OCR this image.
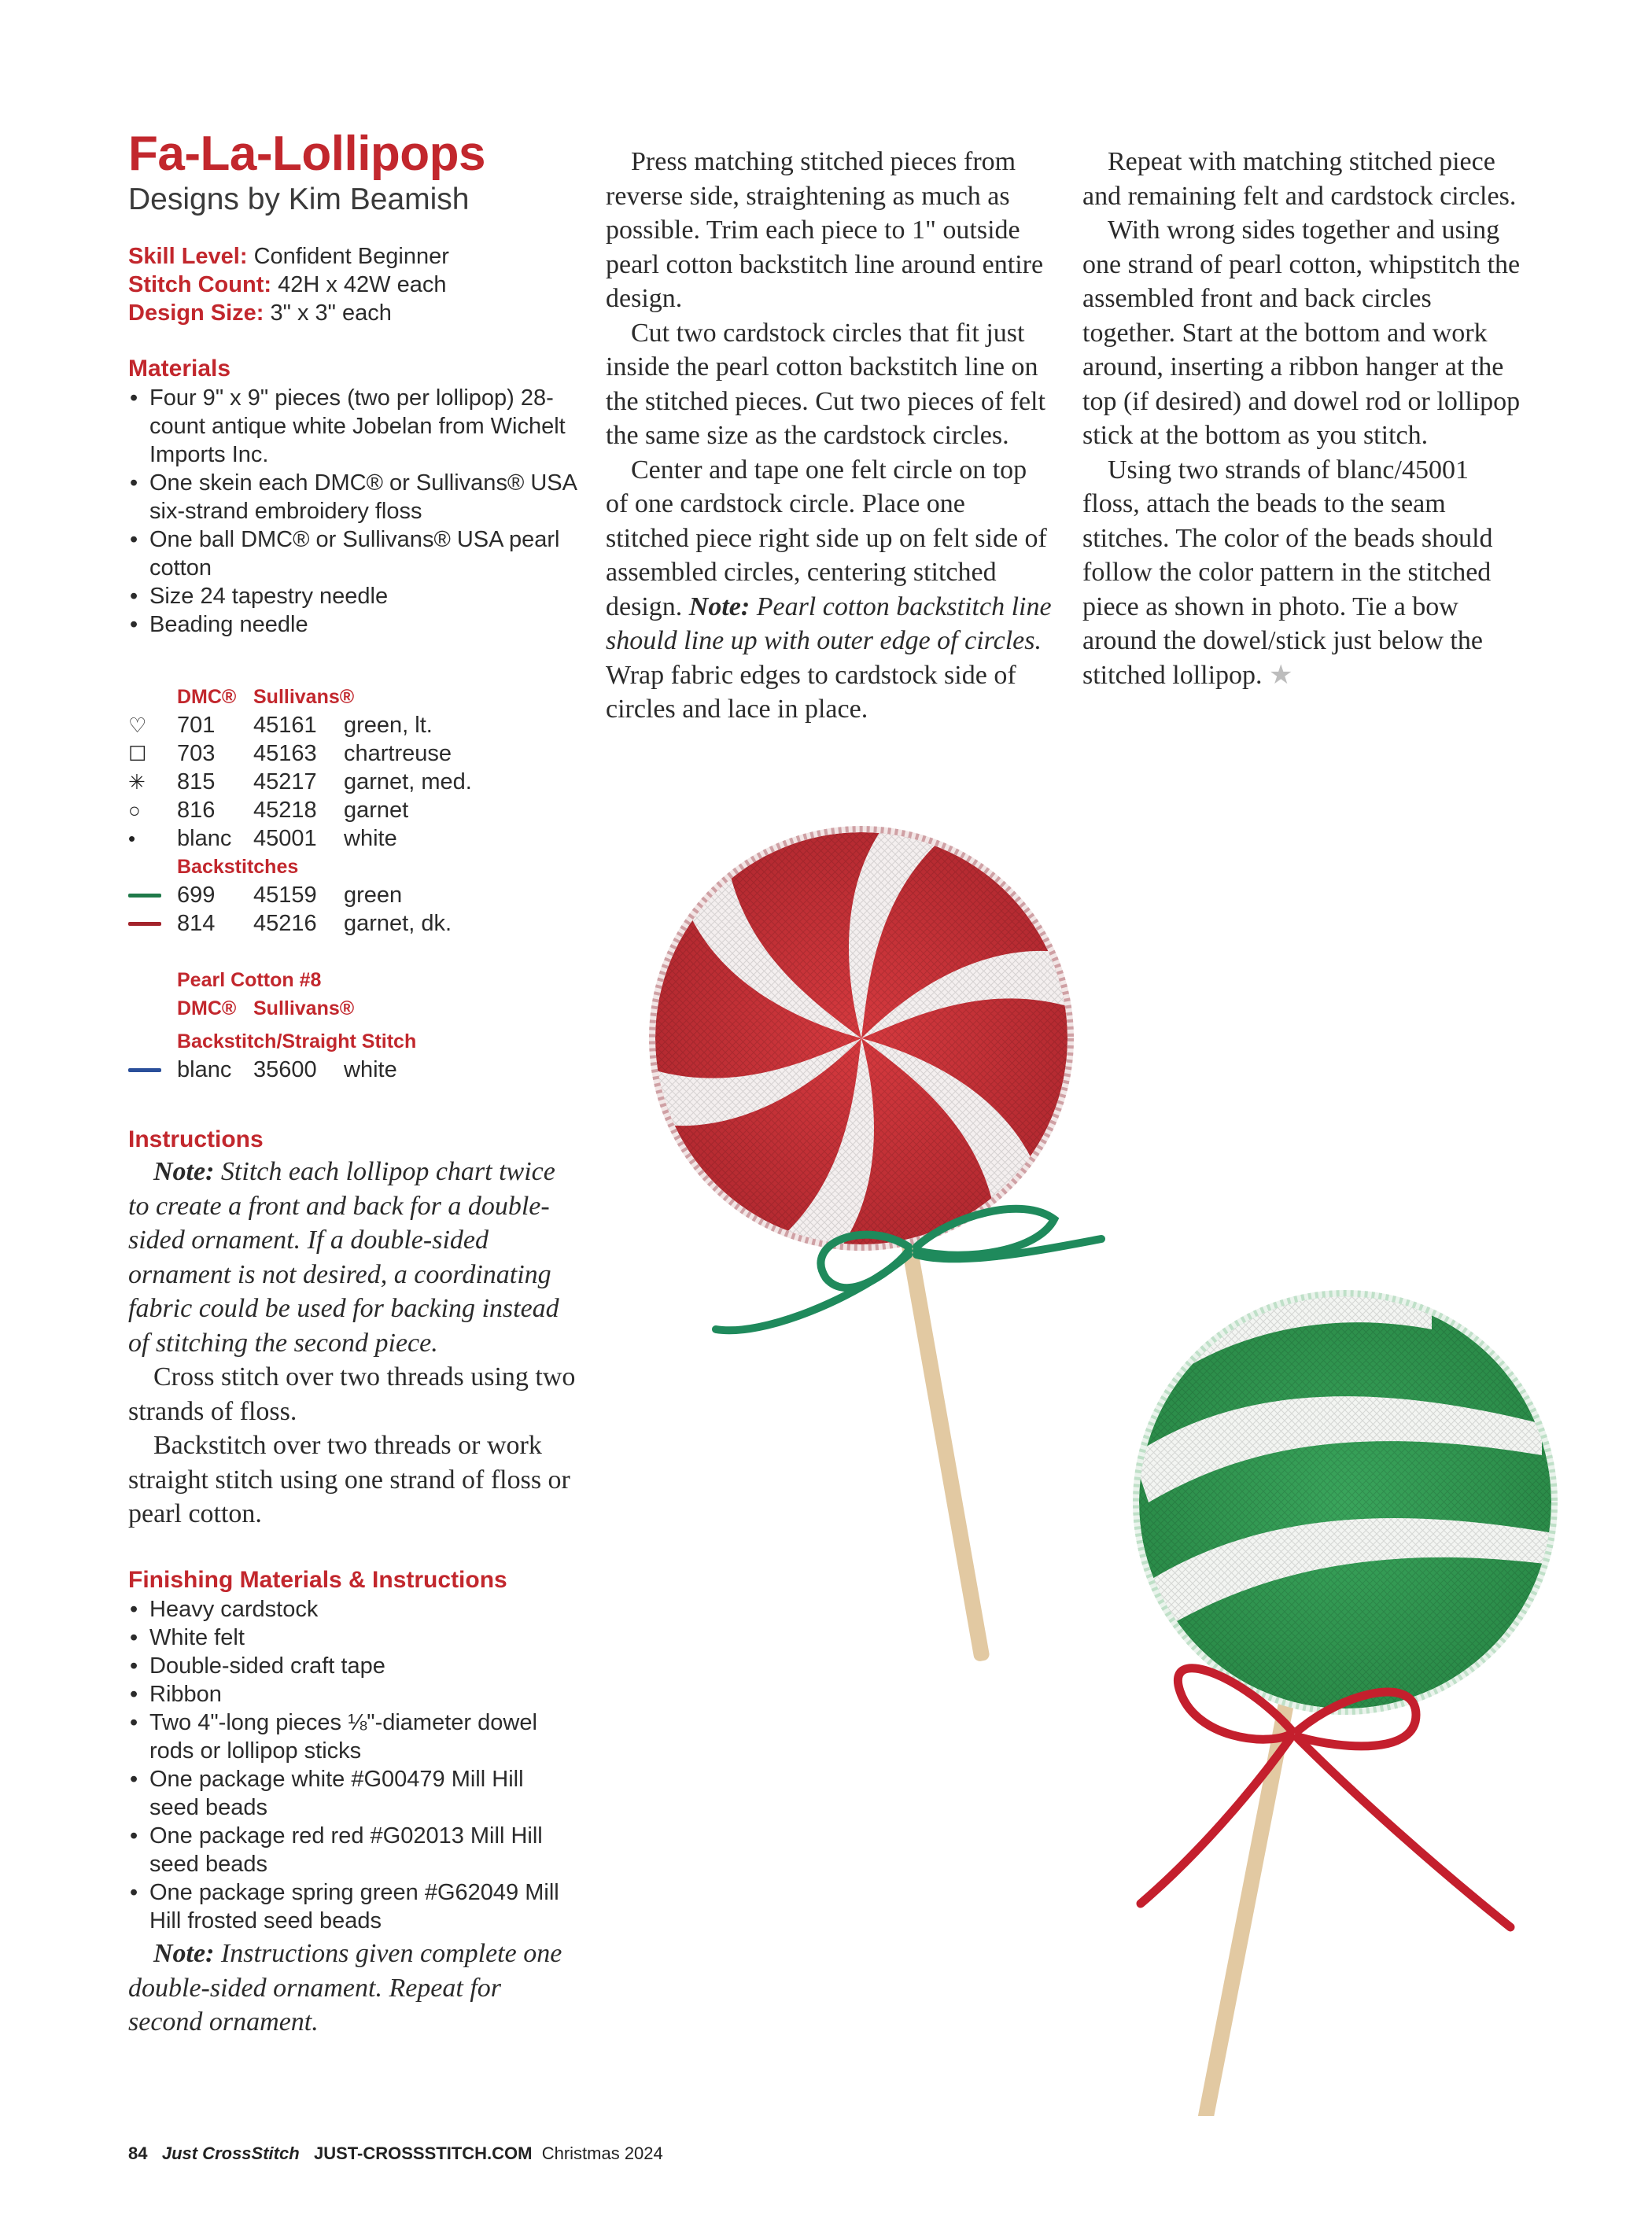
Fa-La-Lollipops
Designs by Kim Beamish
Skill Level: Confident Beginner
Stitch Count: 42H x 42W each
Design Size: 3" x 3" each
Materials
• Four 9" x 9" pieces (two per lollipop) 28-count antique white Jobelan from Wichelt Imports Inc.
• One skein each DMC® or Sullivans® USA six-strand embroidery floss
• One ball DMC® or Sullivans® USA pearl cotton
• Size 24 tapestry needle
• Beading needle
DMC® Sullivans®
♡	701	45161	green, lt.
☐	703	45163	chartreuse
✳	815	45217	garnet, med.
○	816	45218	garnet
•	blanc 45001	white
Backstitches
699	45159	green
814	45216	garnet, dk.
Pearl Cotton #8
DMC® Sullivans®
Backstitch/Straight Stitch
blanc 35600	white
Instructions

Note: Stitch each lollipop chart twice to create a front and back for a double-sided ornament. If a double-sided ornament is not desired, a coordinating fabric could be used for backing instead of stitching the second piece.

Cross stitch over two threads using two strands of floss.

Backstitch over two threads or work straight stitch using one strand of floss or pearl cotton.

Finishing Materials & Instructions
• Heavy cardstock
• White felt
• Double-sided craft tape
• Ribbon
• Two 4"-long pieces ⅛"-diameter dowel rods or lollipop sticks
• One package white #G00479 Mill Hill seed beads
• One package red red #G02013 Mill Hill seed beads
• One package spring green #G62049 Mill Hill frosted seed beads

Note: Instructions given complete one double-sided ornament. Repeat for second ornament.

Press matching stitched pieces from reverse side, straightening as much as possible. Trim each piece to 1" outside pearl cotton backstitch line around entire design.

Cut two cardstock circles that fit just inside the pearl cotton backstitch line on the stitched pieces. Cut two pieces of felt the same size as the cardstock circles.

Center and tape one felt circle on top of one cardstock circle. Place one stitched piece right side up on felt side of assembled circles, centering stitched design. Note: Pearl cotton backstitch line should line up with outer edge of circles. Wrap fabric edges to cardstock side of circles and lace in place.

Repeat with matching stitched piece and remaining felt and cardstock circles.

With wrong sides together and using one strand of pearl cotton, whipstitch the assembled front and back circles together. Start at the bottom and work around, inserting a ribbon hanger at the top (if desired) and dowel rod or lollipop stick at the bottom as you stitch.

Using two strands of blanc/45001 floss, attach the beads to the seam stitches. The color of the beads should follow the color pattern in the stitched piece as shown in photo. Tie a bow around the dowel/stick just below the stitched lollipop. ★

84 Just CrossStitch JUST-CROSSSTITCH.COM Christmas 2024
